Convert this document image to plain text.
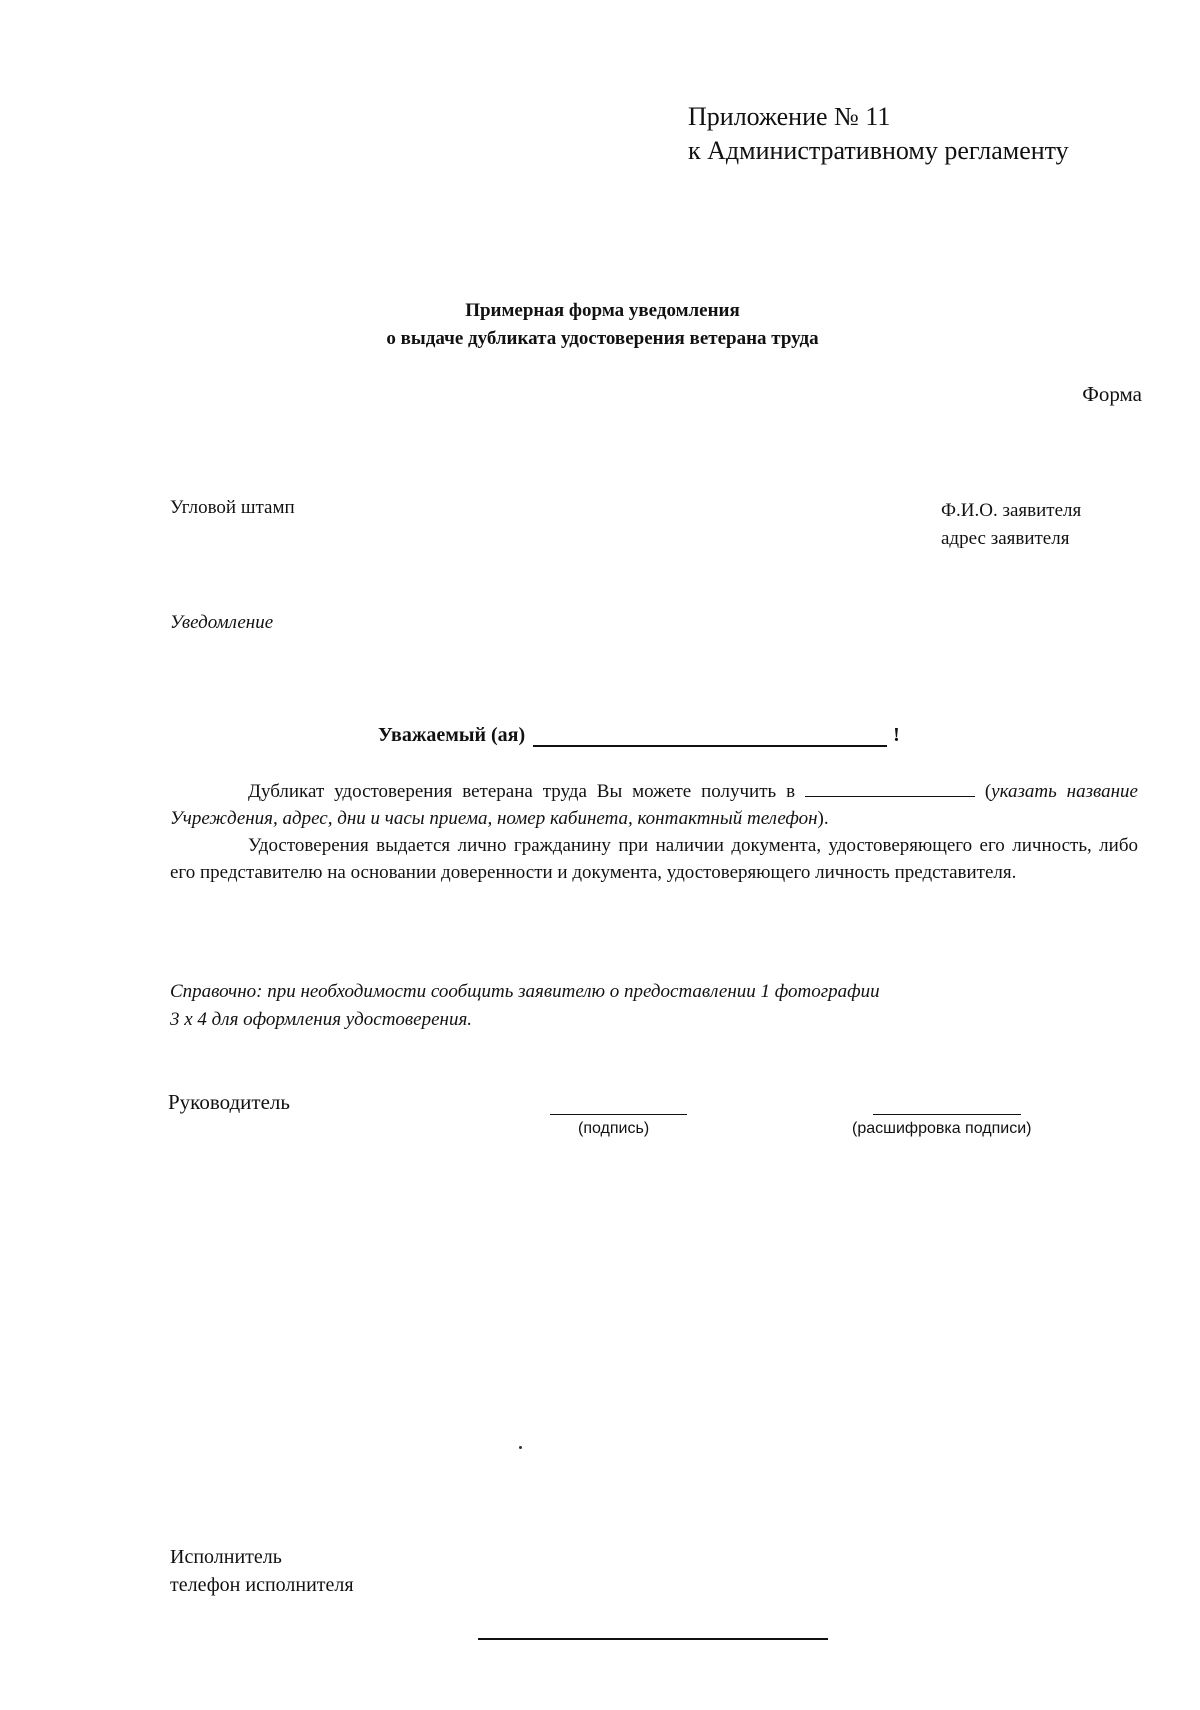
Приложение № 11
к Административному регламенту
Примерная форма уведомления
о выдаче дубликата удостоверения ветерана труда
Форма
Угловой штамп	Ф.И.О. заявителя
адрес заявителя
Уведомление
Уважаемый (ая)	!

Дубликат удостоверения ветерана труда Вы можете получить в	(указать название Учреждения, адрес, дни и часы приема, номер кабинета, контактный телефон).

Удостоверения выдается лично гражданину при наличии документа, удостоверяющего его личность, либо его представителю на основании доверенности и документа, удостоверяющего личность представителя.

Справочно: при необходимости сообщить заявителю о предоставлении 1 фотографии
3 х 4 для оформления удостоверения.
Руководитель
(подпись)	(расшифровка подписи)
Исполнитель
телефон исполнителя
